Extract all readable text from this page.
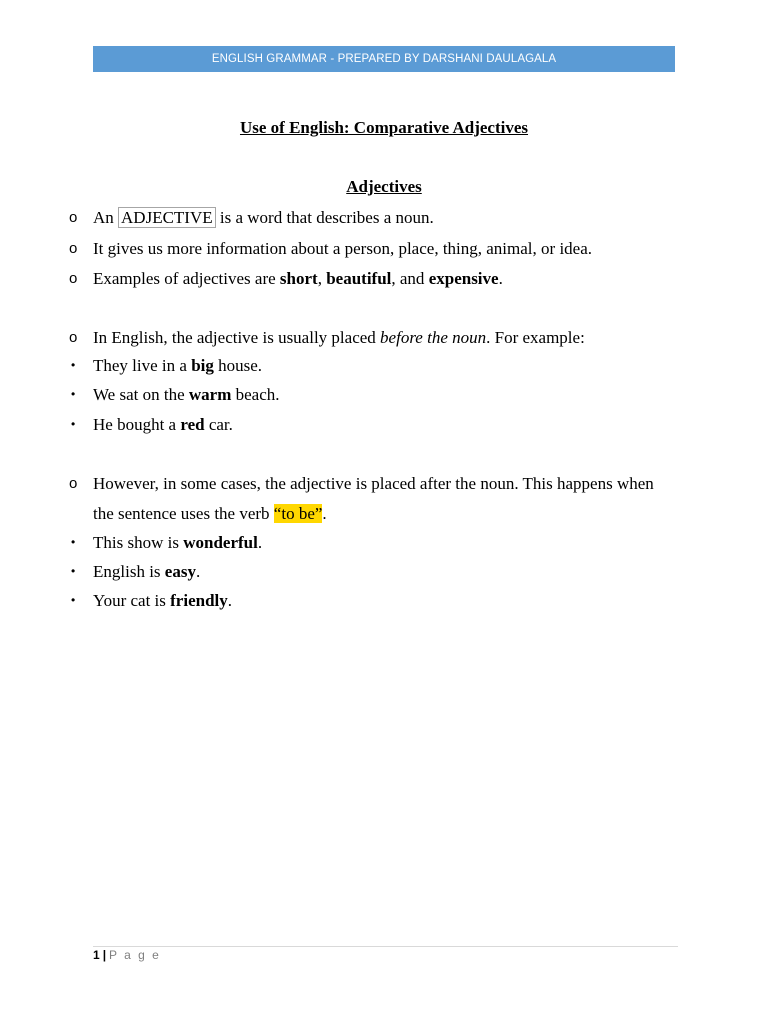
ENGLISH GRAMMAR - PREPARED BY DARSHANI DAULAGALA
Use of English: Comparative Adjectives
Adjectives
o An ADJECTIVE is a word that describes a noun.
o It gives us more information about a person, place, thing, animal, or idea.
o Examples of adjectives are short, beautiful, and expensive.
o In English, the adjective is usually placed before the noun. For example:
• They live in a big house.
• We sat on the warm beach.
• He bought a red car.
o However, in some cases, the adjective is placed after the noun. This happens when
the sentence uses the verb “to be”.
• This show is wonderful.
• English is easy.
• Your cat is friendly.
1 | P a g e
